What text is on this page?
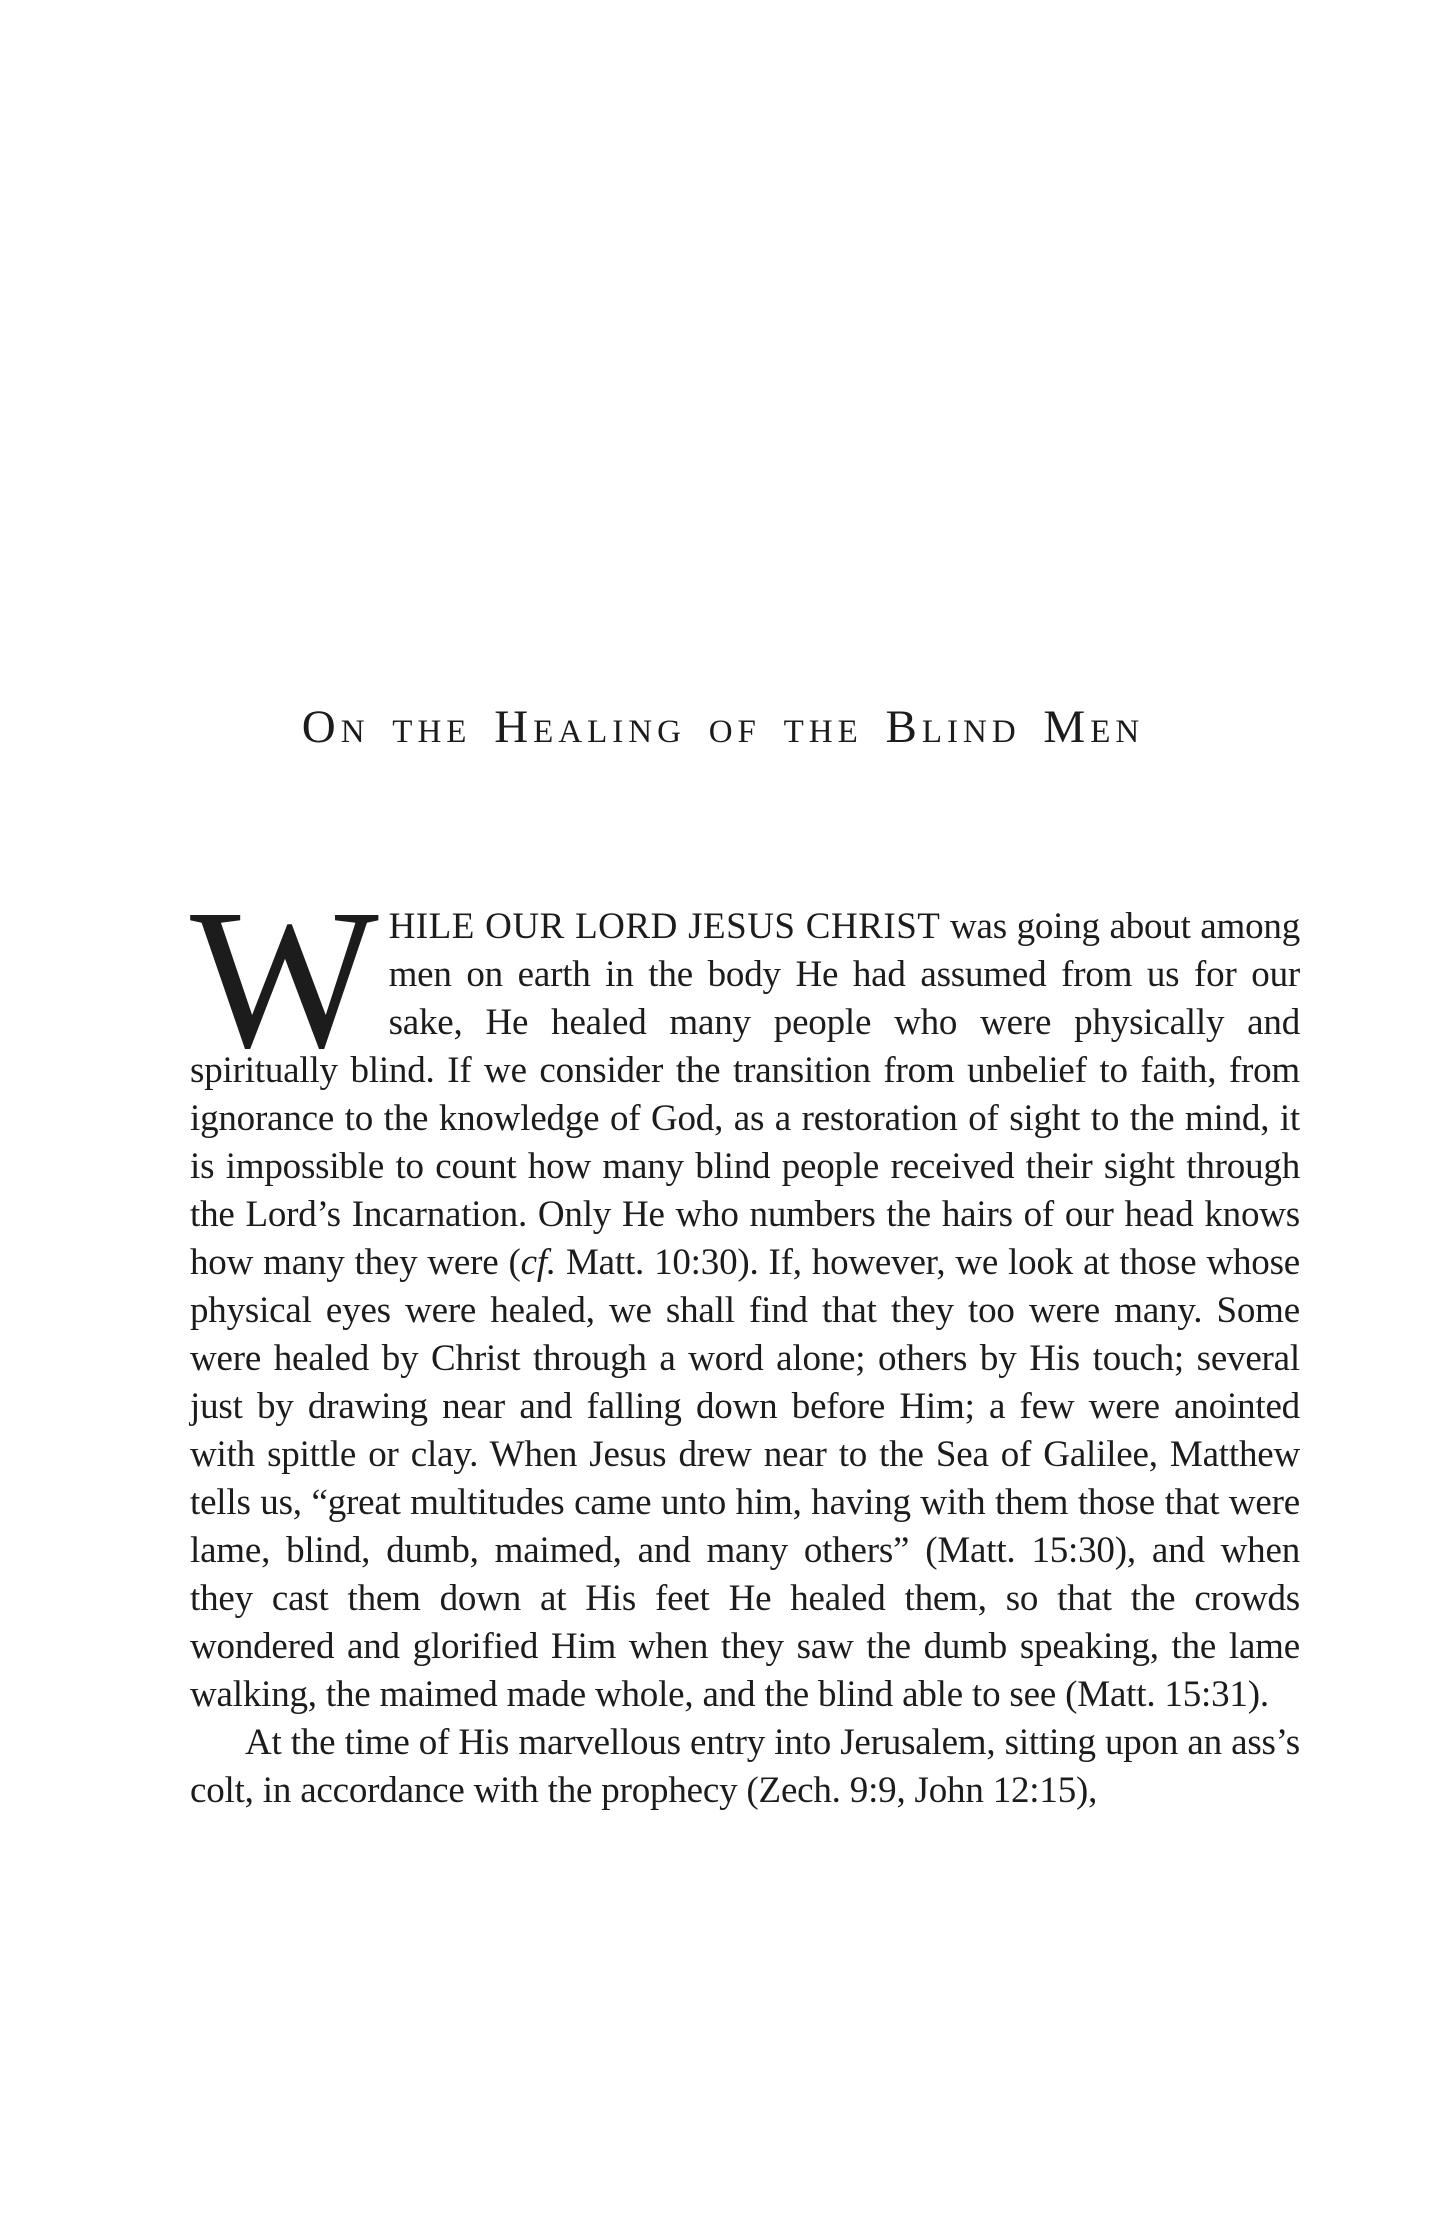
On the Healing of the Blind Men

WHILE OUR LORD JESUS CHRIST was going about among men on earth in the body He had assumed from us for our sake, He healed many people who were physically and spiritually blind. If we consider the transition from unbelief to faith, from ignorance to the knowledge of God, as a restoration of sight to the mind, it is impossible to count how many blind people received their sight through the Lord’s Incarnation. Only He who numbers the hairs of our head knows how many they were (cf. Matt. 10:30). If, however, we look at those whose physical eyes were healed, we shall find that they too were many. Some were healed by Christ through a word alone; others by His touch; several just by drawing near and falling down before Him; a few were anointed with spittle or clay. When Jesus drew near to the Sea of Galilee, Matthew tells us, “great multitudes came unto him, having with them those that were lame, blind, dumb, maimed, and many others” (Matt. 15:30), and when they cast them down at His feet He healed them, so that the crowds wondered and glorified Him when they saw the dumb speaking, the lame walking, the maimed made whole, and the blind able to see (Matt. 15:31).

At the time of His marvellous entry into Jerusalem, sitting upon an ass’s colt, in accordance with the prophecy (Zech. 9:9, John 12:15),
